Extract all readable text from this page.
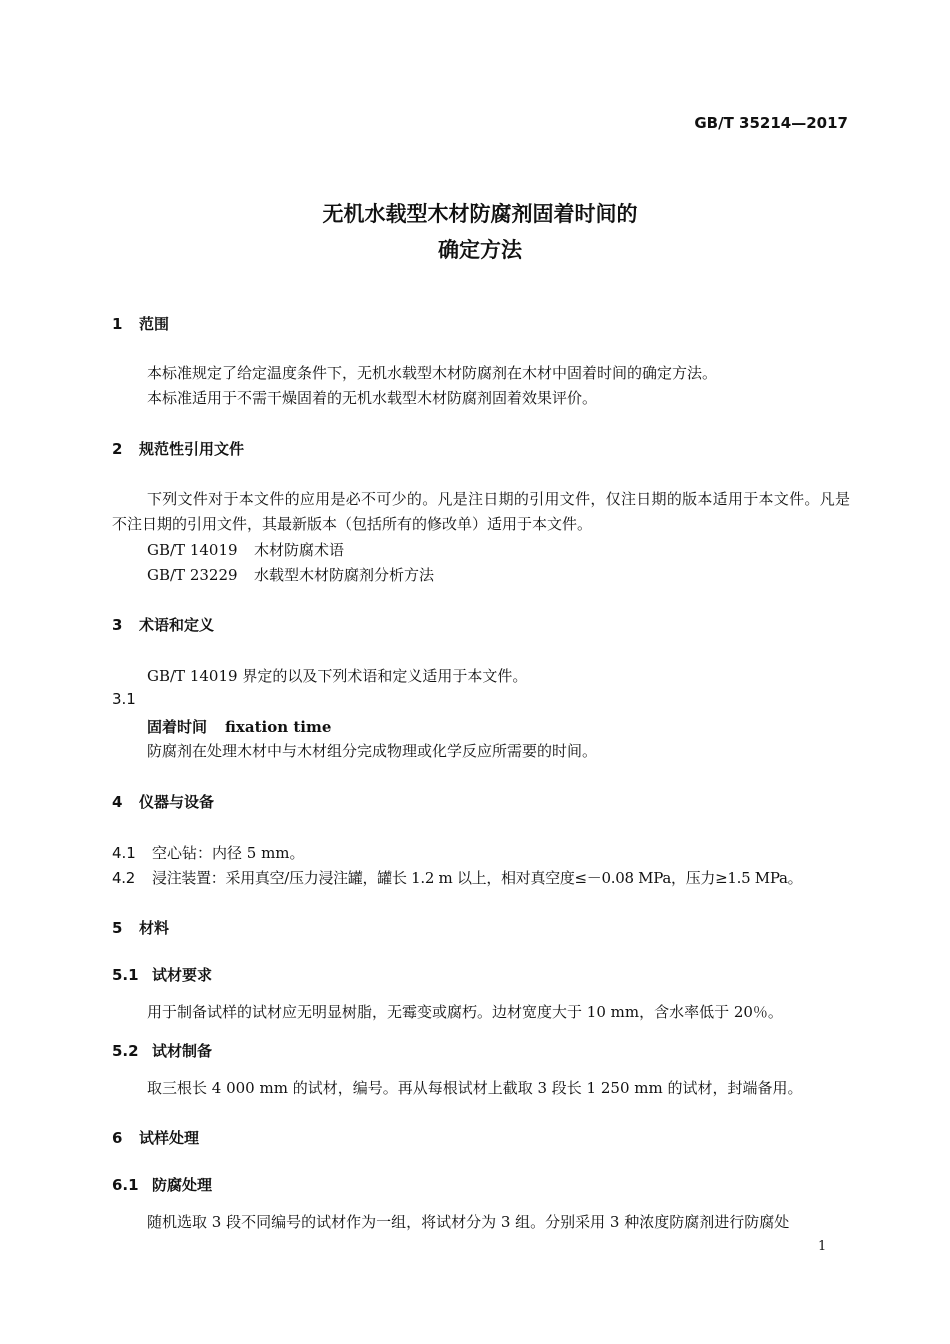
GB/T 35214—2017
无机水载型木材防腐剂固着时间的
确定方法
1 范围
本标准规定了给定温度条件下，无机水载型木材防腐剂在木材中固着时间的确定方法。
本标准适用于不需干燥固着的无机水载型木材防腐剂固着效果评价。
2 规范性引用文件
下列文件对于本文件的应用是必不可少的。凡是注日期的引用文件，仅注日期的版本适用于本文件。凡是不注日期的引用文件，其最新版本（包括所有的修改单）适用于本文件。
GB/T 14019 木材防腐术语
GB/T 23229 水载型木材防腐剂分析方法
3 术语和定义
GB/T 14019 界定的以及下列术语和定义适用于本文件。
3.1
固着时间 fixation time
防腐剂在处理木材中与木材组分完成物理或化学反应所需要的时间。
4 仪器与设备
4.1 空心钻：内径 5 mm。
4.2 浸注装置：采用真空/压力浸注罐，罐长 1.2 m 以上，相对真空度≤－0.08 MPa，压力≥1.5 MPa。
5 材料
5.1 试材要求
用于制备试样的试材应无明显树脂，无霉变或腐朽。边材宽度大于 10 mm，含水率低于 20％。
5.2 试材制备
取三根长 4 000 mm 的试材，编号。再从每根试材上截取 3 段长 1 250 mm 的试材，封端备用。
6 试样处理
6.1 防腐处理
随机选取 3 段不同编号的试材作为一组，将试材分为 3 组。分别采用 3 种浓度防腐剂进行防腐处
1
